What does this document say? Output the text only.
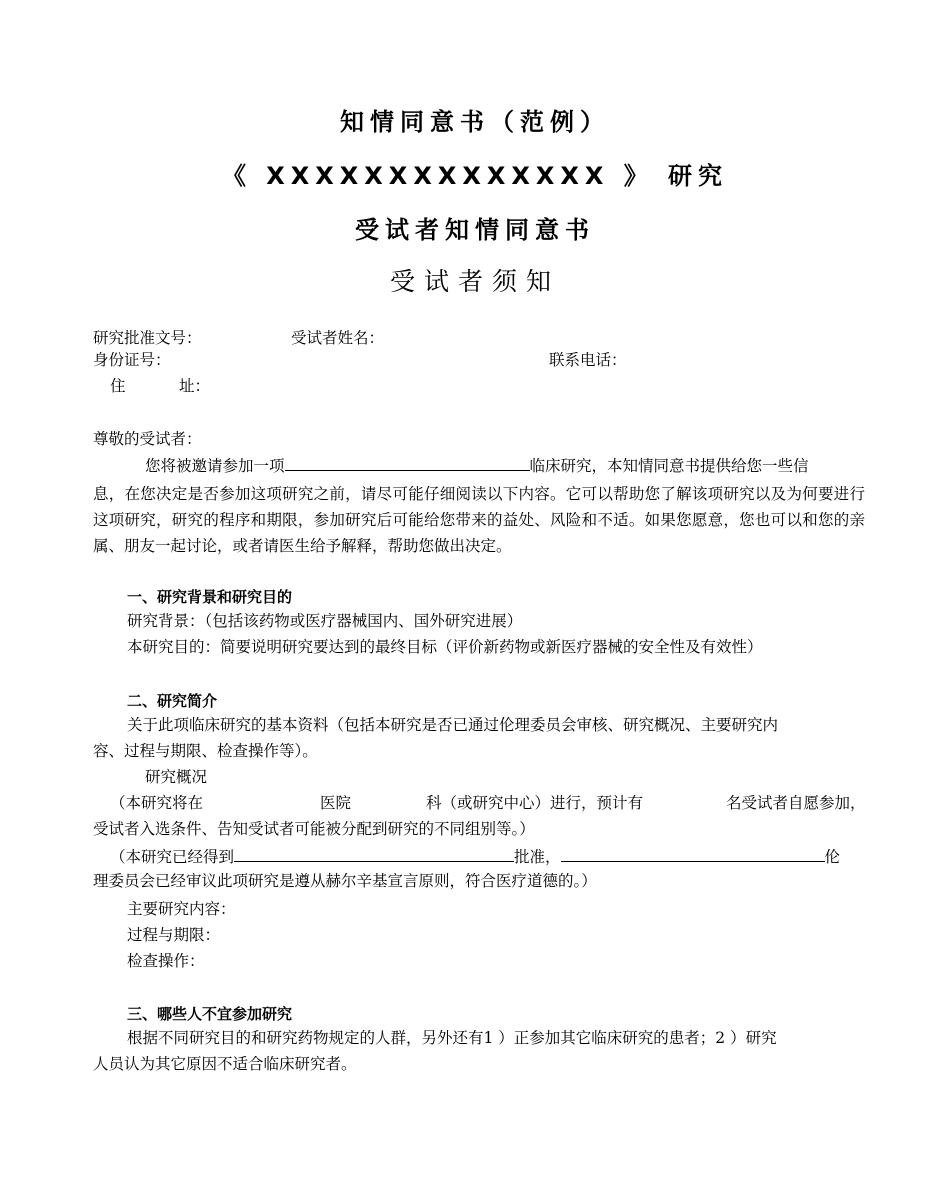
知情同意书（范例）
《 XXXXXXXXXXXXXX 》 研究
受试者知情同意书
受试者须知
研究批准文号：	受试者姓名：
身份证号：	联系电话：
住	址：
尊敬的受试者：
您将被邀请参加一项	临床研究，本知情同意书提供给您一些信
息，在您决定是否参加这项研究之前，请尽可能仔细阅读以下内容。它可以帮助您了解该项研究以及为何要进行这项研究，研究的程序和期限，参加研究后可能给您带来的益处、风险和不适。如果您愿意，您也可以和您的亲属、朋友一起讨论，或者请医生给予解释，帮助您做出决定。
一、研究背景和研究目的
研究背景：（包括该药物或医疗器械国内、国外研究进展）
本研究目的：简要说明研究要达到的最终目标（评价新药物或新医疗器械的安全性及有效性）
二、研究简介
关于此项临床研究的基本资料（包括本研究是否已通过伦理委员会审核、研究概况、主要研究内
容、过程与期限、检查操作等）。
研究概况
（本研究将在	医院	科（或研究中心）进行，预计有	名受试者自愿参加，
受试者入选条件、告知受试者可能被分配到研究的不同组别等。）
（本研究已经得到	批准，	伦
理委员会已经审议此项研究是遵从赫尔辛基宣言原则，符合医疗道德的。）
主要研究内容：
过程与期限：
检查操作：
三、哪些人不宜参加研究
根据不同研究目的和研究药物规定的人群，另外还有1 ）正参加其它临床研究的患者；2 ）研究
人员认为其它原因不适合临床研究者。
